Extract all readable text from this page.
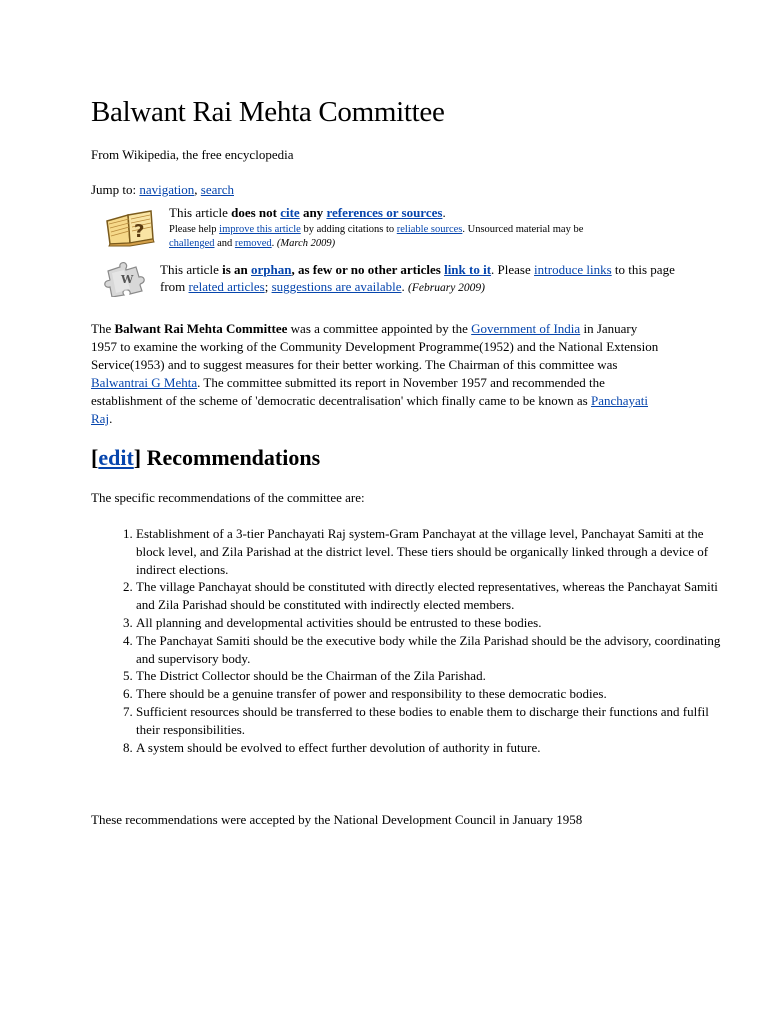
Balwant Rai Mehta Committee
From Wikipedia, the free encyclopedia
Jump to: navigation, search
?
This article does not cite any references or sources.
Please help improve this article by adding citations to reliable sources. Unsourced material may be
challenged and removed. (March 2009)
W
This article is an orphan, as few or no other articles link to it. Please introduce links to this page from related articles; suggestions are available. (February 2009)
The Balwant Rai Mehta Committee was a committee appointed by the Government of India in January 1957 to examine the working of the Community Development Programme(1952) and the National Extension Service(1953) and to suggest measures for their better working. The Chairman of this committee was Balwantrai G Mehta. The committee submitted its report in November 1957 and recommended the establishment of the scheme of 'democratic decentralisation' which finally came to be known as Panchayati Raj.
[edit] Recommendations
The specific recommendations of the committee are:
1. Establishment of a 3-tier Panchayati Raj system-Gram Panchayat at the village level, Panchayat Samiti at the block level, and Zila Parishad at the district level. These tiers should be organically linked through a device of indirect elections.
2. The village Panchayat should be constituted with directly elected representatives, whereas the Panchayat Samiti and Zila Parishad should be constituted with indirectly elected members.
3. All planning and developmental activities should be entrusted to these bodies.
4. The Panchayat Samiti should be the executive body while the Zila Parishad should be the advisory, coordinating and supervisory body.
5. The District Collector should be the Chairman of the Zila Parishad.
6. There should be a genuine transfer of power and responsibility to these democratic bodies.
7. Sufficient resources should be transferred to these bodies to enable them to discharge their functions and fulfil their responsibilities.
8. A system should be evolved to effect further devolution of authority in future.
These recommendations were accepted by the National Development Council in January 1958
